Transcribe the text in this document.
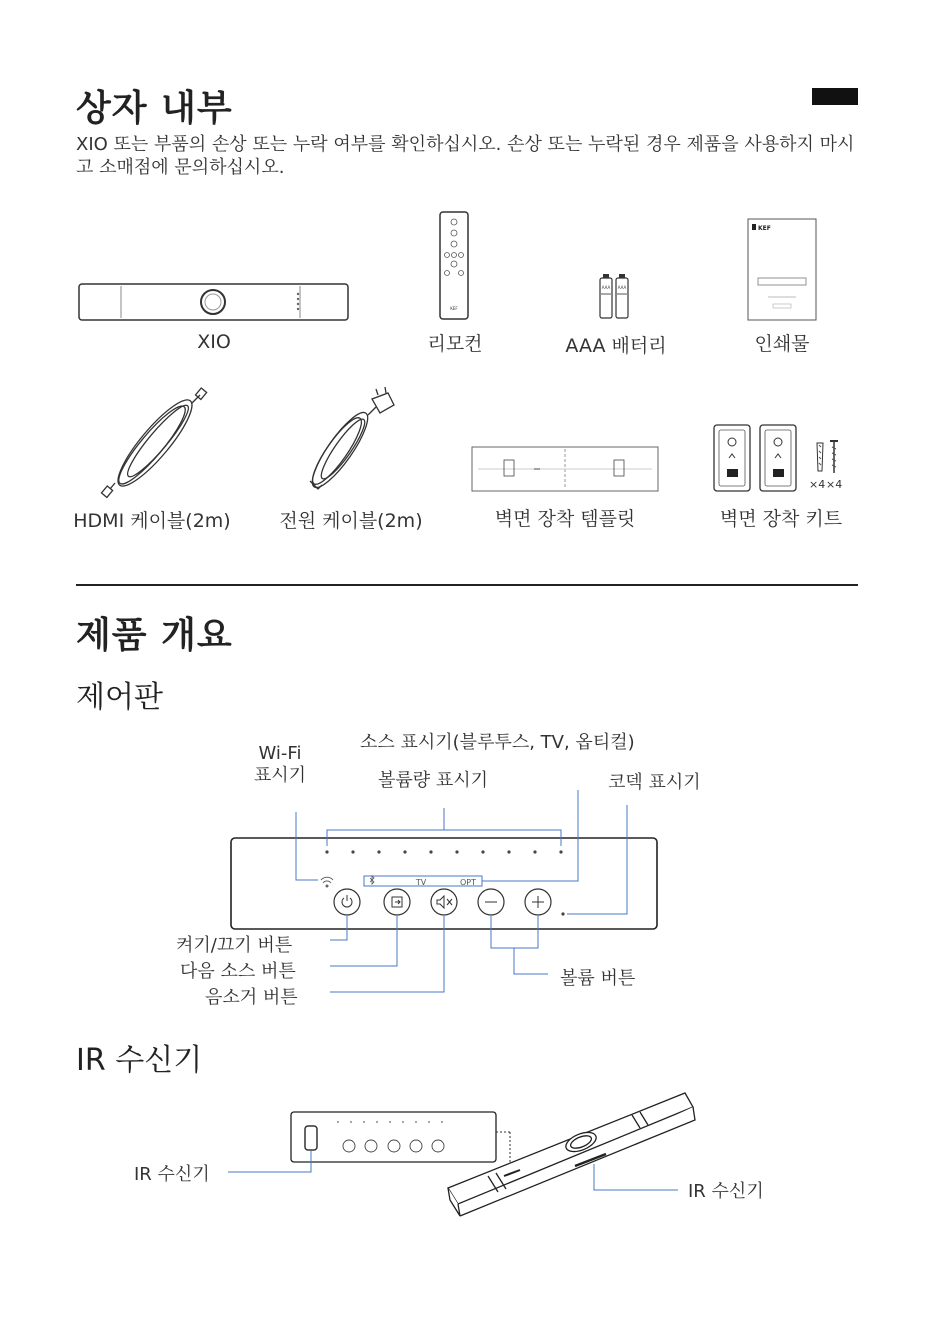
상자 내부
XIO 또는 부품의 손상 또는 누락 여부를 확인하십시오. 손상 또는 누락된 경우 제품을 사용하지 마시고 소매점에 문의하십시오.
KEF
AAA AAA
KEF
XIO	리모컨	AAA 배터리	인쇄물
×4 ×4
HDMI 케이블(2m)	전원 케이블(2m)	벽면 장착 템플릿	벽면 장착 키트
제품 개요
제어판
Wi-Fi
표시기
소스 표시기(블루투스, TV, 옵티컬)
볼륨량 표시기	코덱 표시기
TV	OPT
켜기/끄기 버튼
다음 소스 버튼
음소거 버튼
볼륨 버튼
IR 수신기
IR 수신기
IR 수신기
